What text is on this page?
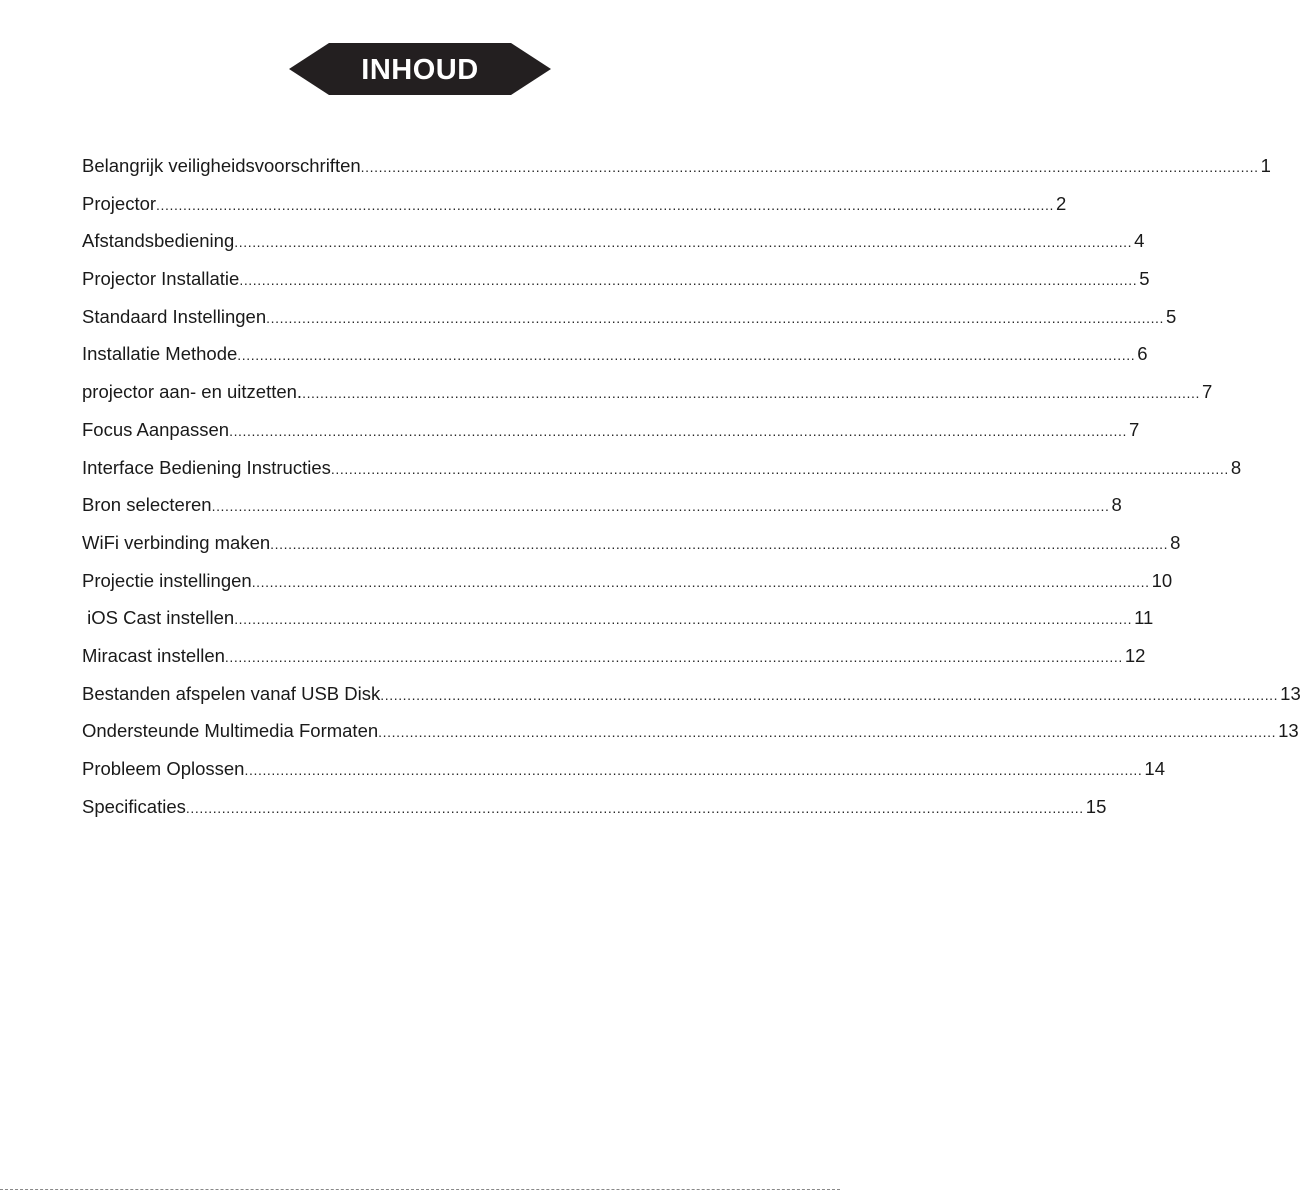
INHOUD
Belangrijk veiligheidsvoorschriften ........................................................................................................................................................................................................ 1
Projector ........................................................................................................................................................................................................ 2
Afstandsbediening ........................................................................................................................................................................................................ 4
Projector Installatie ........................................................................................................................................................................................................ 5
Standaard Instellingen ........................................................................................................................................................................................................ 5
Installatie Methode ........................................................................................................................................................................................................ 6
projector aan- en uitzetten. ........................................................................................................................................................................................................ 7
Focus Aanpassen ........................................................................................................................................................................................................ 7
Interface Bediening Instructies ........................................................................................................................................................................................................ 8
Bron selecteren ........................................................................................................................................................................................................ 8
WiFi verbinding maken ........................................................................................................................................................................................................ 8
Projectie instellingen ........................................................................................................................................................................................................ 10
iOS Cast instellen ........................................................................................................................................................................................................ 11
Miracast instellen ........................................................................................................................................................................................................ 12
Bestanden afspelen vanaf USB Disk ........................................................................................................................................................................................................ 13
Ondersteunde Multimedia Formaten ........................................................................................................................................................................................................ 13
Probleem Oplossen ........................................................................................................................................................................................................ 14
Specificaties ........................................................................................................................................................................................................ 15
